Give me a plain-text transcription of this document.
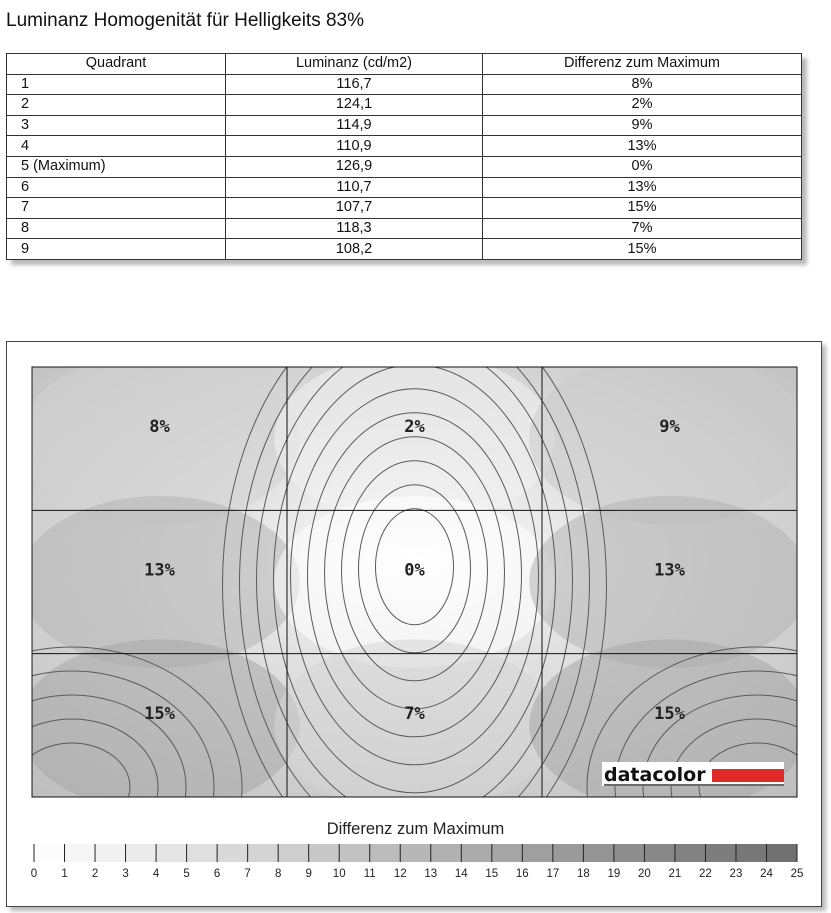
Luminanz Homogenität für Helligkeits 83%
Quadrant	Luminanz (cd/m2)	Differenz zum Maximum
1	116,7	8%
2	124,1	2%
3	114,9	9%
4	110,9	13%
5 (Maximum)	126,9	0%
6	110,7	13%
7	107,7	15%
8	118,3	7%
9	108,2	15%
8%	2%	9%
13%	0%	13%
15%	7%	15%
datacolor
Differenz zum Maximum
0 1 2 3 4 5 6 7 8 9 10 11 12 13 14 15 16 17 18 19 20 21 22 23 24 25
